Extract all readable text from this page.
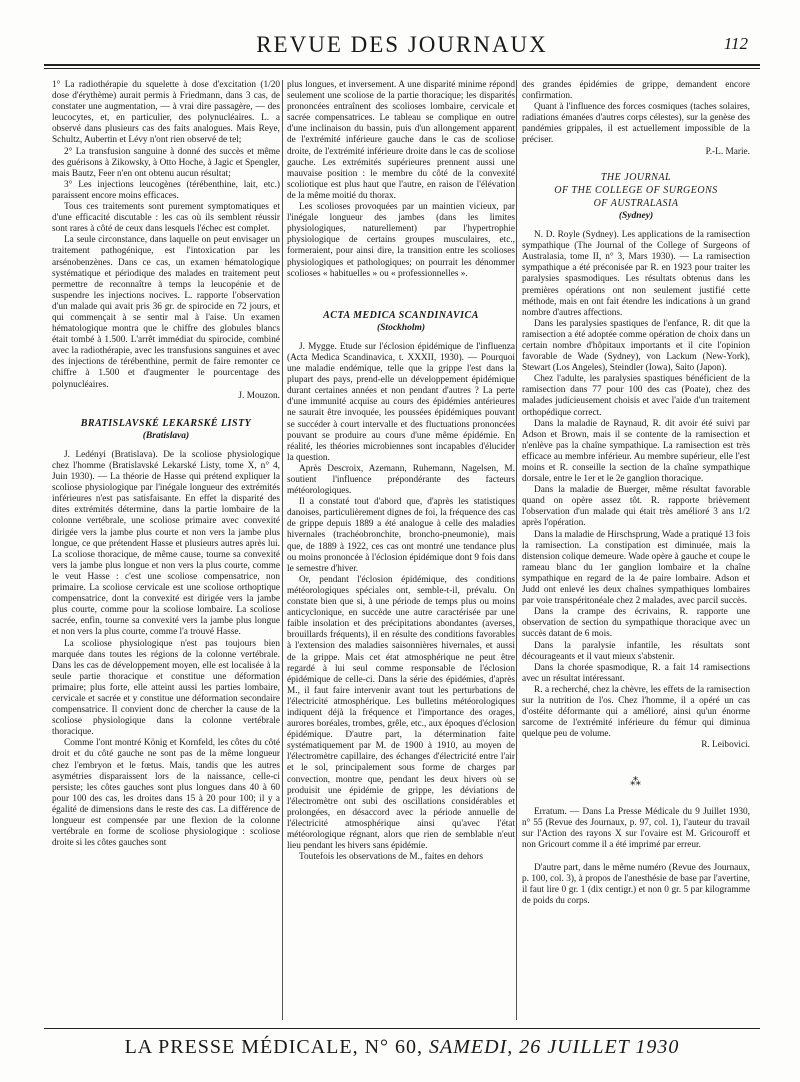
REVUE DES JOURNAUX	112

1° La radiothérapie du squelette à dose d'excitation (1/20 dose d'érythème) aurait permis à Friedmann, dans 3 cas, de constater une augmentation, — à vrai dire passagère, — des leucocytes, et, en particulier, des polynucléaires. L. a observé dans plusieurs cas des faits analogues. Mais Reye, Schultz, Aubertin et Lévy n'ont rien observé de tel;

2° La transfusion sanguine à donné des succès et même des guérisons à Zikowsky, à Otto Hoche, à Jagic et Spengler, mais Bautz, Feer n'en ont obtenu aucun résultat;

3° Les injections leucogènes (térébenthine, lait, etc.) paraissent encore moins efficaces.

Tous ces traitements sont purement symptomatiques et d'une efficacité discutable : les cas où ils semblent réussir sont rares à côté de ceux dans lesquels l'échec est complet.

La seule circonstance, dans laquelle on peut envisager un traitement pathogénique, est l'intoxication par les arsénobenzènes. Dans ce cas, un examen hématologique systématique et périodique des malades en traitement peut permettre de reconnaître à temps la leucopénie et de suspendre les injections nocives. L. rapporte l'observation d'un malade qui avait pris 36 gr. de spirocide en 72 jours, et qui commençait à se sentir mal à l'aise. Un examen hématologique montra que le chiffre des globules blancs était tombé à 1.500. L'arrêt immédiat du spirocide, combiné avec la radiothérapie, avec les transfusions sanguines et avec des injections de térébenthine, permit de faire remonter ce chiffre à 1.500 et d'augmenter le pourcentage des polynucléaires.

J. Mouzon.

BRATISLAVSKÉ LEKARSKÉ LISTY
(Bratislava)

J. Ledényi (Bratislava). De la scoliose physiologique chez l'homme (Bratislavské Lekarské Listy, tome X, n° 4, Juin 1930). — La théorie de Hasse qui prétend expliquer la scoliose physiologique par l'inégale longueur des extrémités inférieures n'est pas satisfaisante. En effet la disparité des dites extrémités détermine, dans la partie lombaire de la colonne vertébrale, une scoliose primaire avec convexité dirigée vers la jambe plus courte et non vers la jambe plus longue, ce que prétendent Hasse et plusieurs autres après lui. La scoliose thoracique, de même cause, tourne sa convexité vers la jambe plus longue et non vers la plus courte, comme le veut Hasse : c'est une scoliose compensatrice, non primaire. La scoliose cervicale est une scoliose orthoptique compensatrice, dont la convexité est dirigée vers la jambe plus courte, comme pour la scoliose lombaire. La scoliose sacrée, enfin, tourne sa convexité vers la jambe plus longue et non vers la plus courte, comme l'a trouvé Hasse.

La scoliose physiologique n'est pas toujours bien marquée dans toutes les régions de la colonne vertébrale. Dans les cas de développement moyen, elle est localisée à la seule partie thoracique et constitue une déformation primaire; plus forte, elle atteint aussi les parties lombaire, cervicale et sacrée et y constitue une déformation secondaire compensatrice. Il convient donc de chercher la cause de la scoliose physiologique dans la colonne vertébrale thoracique.

Comme l'ont montré König et Kornfeld, les côtes du côté droit et du côté gauche ne sont pas de la même longueur chez l'embryon et le fœtus. Mais, tandis que les autres asymétries disparaissent lors de la naissance, celle-ci persiste; les côtes gauches sont plus longues dans 40 à 60 pour 100 des cas, les droites dans 15 à 20 pour 100; il y a égalité de dimensions dans le reste des cas. La différence de longueur est compensée par une flexion de la colonne vertébrale en forme de scoliose physiologique : scoliose droite si les côtes gauches sont

plus longues, et inversement. A une disparité minime répond seulement une scoliose de la partie thoracique; les disparités prononcées entraînent des scolioses lombaire, cervicale et sacrée compensatrices. Le tableau se complique en outre d'une inclinaison du bassin, puis d'un allongement apparent de l'extrémité inférieure gauche dans le cas de scoliose droite, de l'extrémité inférieure droite dans le cas de scoliose gauche. Les extrémités supérieures prennent aussi une mauvaise position : le membre du côté de la convexité scoliotique est plus haut que l'autre, en raison de l'élévation de la même moitié du thorax.

Les scolioses provoquées par un maintien vicieux, par l'inégale longueur des jambes (dans les limites physiologiques, naturellement) par l'hypertrophie physiologique de certains groupes musculaires, etc., formeraient, pour ainsi dire, la transition entre les scolioses physiologiques et pathologiques; on pourrait les dénommer scolioses « habituelles » ou « professionnelles ».

ACTA MEDICA SCANDINAVICA
(Stockholm)

J. Mygge. Etude sur l'éclosion épidémique de l'influenza (Acta Medica Scandinavica, t. XXXII, 1930). — Pourquoi une maladie endémique, telle que la grippe l'est dans la plupart des pays, prend-elle un développement épidémique durant certaines années et non pendant d'autres ? La perte d'une immunité acquise au cours des épidémies antérieures ne saurait être invoquée, les poussées épidémiques pouvant se succéder à court intervalle et des fluctuations prononcées pouvant se produire au cours d'une même épidémie. En réalité, les théories microbiennes sont incapables d'élucider la question.

Après Descroix, Azemann, Ruhemann, Nagelsen, M. soutient l'influence prépondérante des facteurs météorologiques.

Il a constaté tout d'abord que, d'après les statistiques danoises, particulièrement dignes de foi, la fréquence des cas de grippe depuis 1889 a été analogue à celle des maladies hivernales (trachéobronchite, broncho-pneumonie), mais que, de 1889 à 1922, ces cas ont montré une tendance plus ou moins prononcée à l'éclosion épidémique dont 9 fois dans le semestre d'hiver.

Or, pendant l'éclosion épidémique, des conditions météorologiques spéciales ont, semble-t-il, prévalu. On constate bien que si, à une période de temps plus ou moins anticyclonique, en succède une autre caractérisée par une faible insolation et des précipitations abondantes (averses, brouillards fréquents), il en résulte des conditions favorables à l'extension des maladies saisonnières hivernales, et aussi de la grippe. Mais cet état atmosphérique ne peut être regardé à lui seul comme responsable de l'éclosion épidémique de celle-ci. Dans la série des épidémies, d'après M., il faut faire intervenir avant tout les perturbations de l'électricité atmosphérique. Les bulletins météorologiques indiquent déjà la fréquence et l'importance des orages, aurores boréales, trombes, grêle, etc., aux époques d'éclosion épidémique. D'autre part, la détermination faite systématiquement par M. de 1900 à 1910, au moyen de l'électromètre capillaire, des échanges d'électricité entre l'air et le sol, principalement sous forme de charges par convection, montre que, pendant les deux hivers où se produisit une épidémie de grippe, les déviations de l'électromètre ont subi des oscillations considérables et prolongées, en désaccord avec la période annuelle de l'électricité atmosphérique ainsi qu'avec l'état météorologique régnant, alors que rien de semblable n'eut lieu pendant les hivers sans épidémie.

Toutefois les observations de M., faites en dehors

des grandes épidémies de grippe, demandent encore confirmation.

Quant à l'influence des forces cosmiques (taches solaires, radiations émanées d'autres corps célestes), sur la genèse des pandémies grippales, il est actuellement impossible de la préciser.

P.-L. Marie.

THE JOURNAL
OF THE COLLEGE OF SURGEONS
OF AUSTRALASIA
(Sydney)

N. D. Royle (Sydney). Les applications de la ramisection sympathique (The Journal of the College of Surgeons of Australasia, tome II, n° 3, Mars 1930). — La ramisection sympathique a été préconisée par R. en 1923 pour traiter les paralysies spasmodiques. Les résultats obtenus dans les premières opérations ont non seulement justifié cette méthode, mais en ont fait étendre les indications à un grand nombre d'autres affections.

Dans les paralysies spastiques de l'enfance, R. dit que la ramisection a été adoptée comme opération de choix dans un certain nombre d'hôpitaux importants et il cite l'opinion favorable de Wade (Sydney), von Lackum (New-York), Stewart (Los Angeles), Steindler (Iowa), Saito (Japon).

Chez l'adulte, les paralysies spastiques bénéficient de la ramisection dans 77 pour 100 des cas (Poate), chez des malades judicieusement choisis et avec l'aide d'un traitement orthopédique correct.

Dans la maladie de Raynaud, R. dit avoir été suivi par Adson et Brown, mais il se contente de la ramisection et n'enlève pas la chaîne sympathique. La ramisection est très efficace au membre inférieur. Au membre supérieur, elle l'est moins et R. conseille la section de la chaîne sympathique dorsale, entre le 1er et le 2e ganglion thoracique.

Dans la maladie de Buerger, même résultat favorable quand on opère assez tôt. R. rapporte brièvement l'observation d'un malade qui était très amélioré 3 ans 1/2 après l'opération.

Dans la maladie de Hirschsprung, Wade a pratiqué 13 fois la ramisection. La constipation est diminuée, mais la distension colique demeure. Wade opère à gauche et coupe le rameau blanc du 1er ganglion lombaire et la chaîne sympathique en regard de la 4e paire lombaire. Adson et Judd ont enlevé les deux chaînes sympathiques lombaires par voie transpéritonéale chez 2 malades, avec parcil succès.

Dans la crampe des écrivains, R. rapporte une observation de section du sympathique thoracique avec un succès datant de 6 mois.

Dans la paralysie infantile, les résultats sont décourageants et il vaut mieux s'abstenir.

Dans la chorée spasmodique, R. a fait 14 ramisections avec un résultat intéressant.

R. a recherché, chez la chèvre, les effets de la ramisection sur la nutrition de l'os. Chez l'homme, il a opéré un cas d'ostéite déformante qui a amélioré, ainsi qu'un énorme sarcome de l'extrémité inférieure du fémur qui diminua quelque peu de volume.

R. Leibovici.

⁂

Erratum. — Dans La Presse Médicale du 9 Juillet 1930, n° 55 (Revue des Journaux, p. 97, col. 1), l'auteur du travail sur l'Action des rayons X sur l'ovaire est M. Gricouroff et non Gricourt comme il a été imprimé par erreur.

D'autre part, dans le même numéro (Revue des Journaux, p. 100, col. 3), à propos de l'anesthésie de base par l'avertine, il faut lire 0 gr. 1 (dix centigr.) et non 0 gr. 5 par kilogramme de poids du corps.

LA PRESSE MÉDICALE, N° 60, SAMEDI, 26 JUILLET 1930
